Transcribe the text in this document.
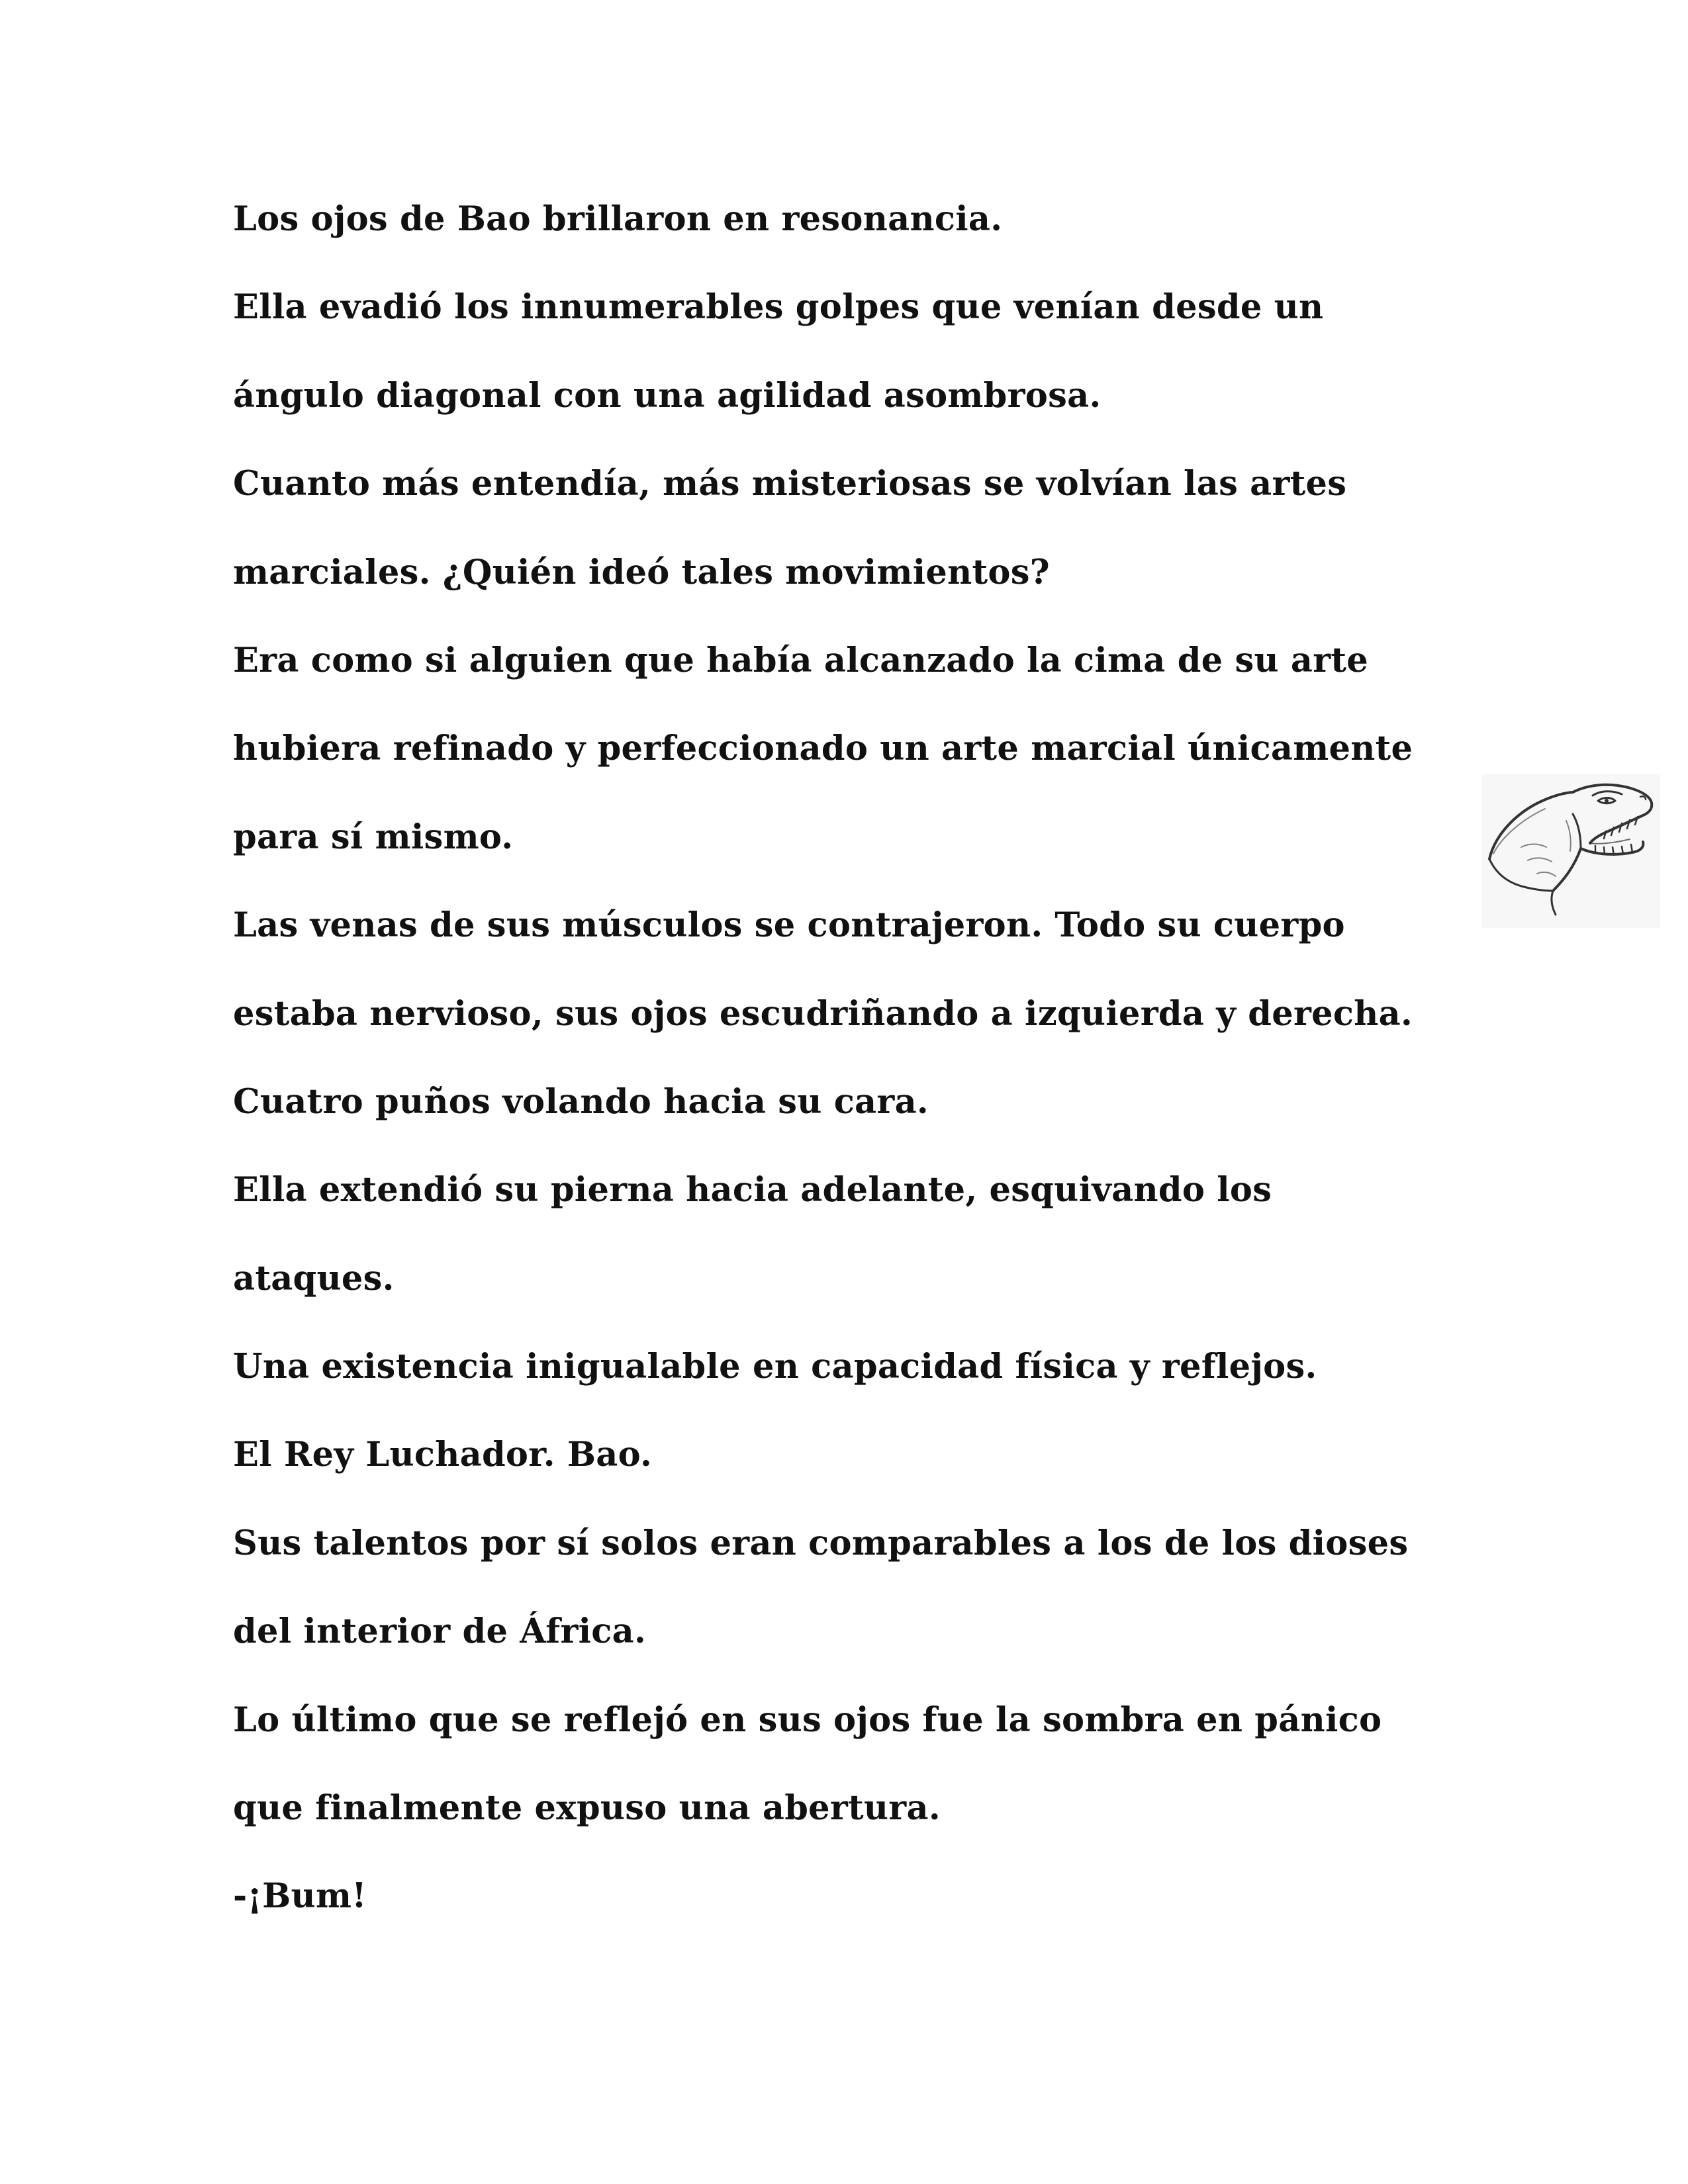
Los ojos de Bao brillaron en resonancia.
Ella evadió los innumerables golpes que venían desde un
ángulo diagonal con una agilidad asombrosa.
Cuanto más entendía, más misteriosas se volvían las artes
marciales. ¿Quién ideó tales movimientos?
Era como si alguien que había alcanzado la cima de su arte
hubiera refinado y perfeccionado un arte marcial únicamente
para sí mismo.
Las venas de sus músculos se contrajeron. Todo su cuerpo
estaba nervioso, sus ojos escudriñando a izquierda y derecha.
Cuatro puños volando hacia su cara.
Ella extendió su pierna hacia adelante, esquivando los
ataques.
Una existencia inigualable en capacidad física y reflejos.
El Rey Luchador. Bao.
Sus talentos por sí solos eran comparables a los de los dioses
del interior de África.
Lo último que se reflejó en sus ojos fue la sombra en pánico
que finalmente expuso una abertura.
-¡Bum!
